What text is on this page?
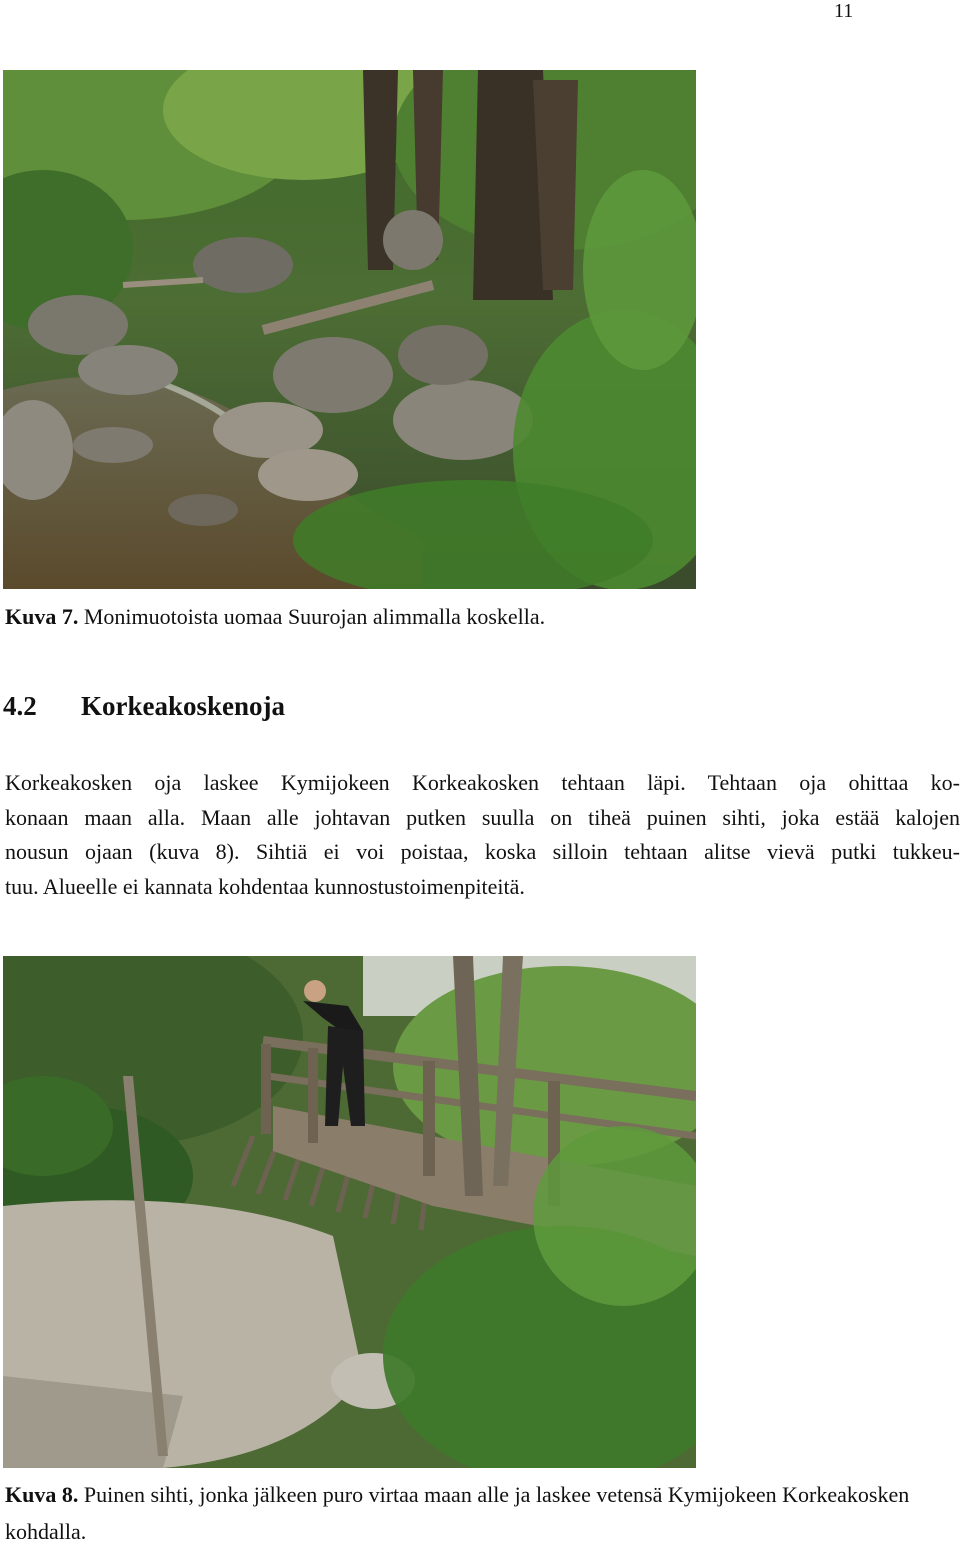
11
Kuva 7. Monimuotoista uomaa Suurojan alimmalla koskella.
4.2 Korkeakoskenoja
Korkeakosken oja laskee Kymijokeen Korkeakosken tehtaan läpi. Tehtaan oja ohittaa ko-
konaan maan alla. Maan alle johtavan putken suulla on tiheä puinen sihti, joka estää kalojen
nousun ojaan (kuva 8). Sihtiä ei voi poistaa, koska silloin tehtaan alitse vievä putki tukkeu-
tuu. Alueelle ei kannata kohdentaa kunnostustoimenpiteitä.
Kuva 8. Puinen sihti, jonka jälkeen puro virtaa maan alle ja laskee vetensä Kymijokeen Korkeakosken kohdalla.
